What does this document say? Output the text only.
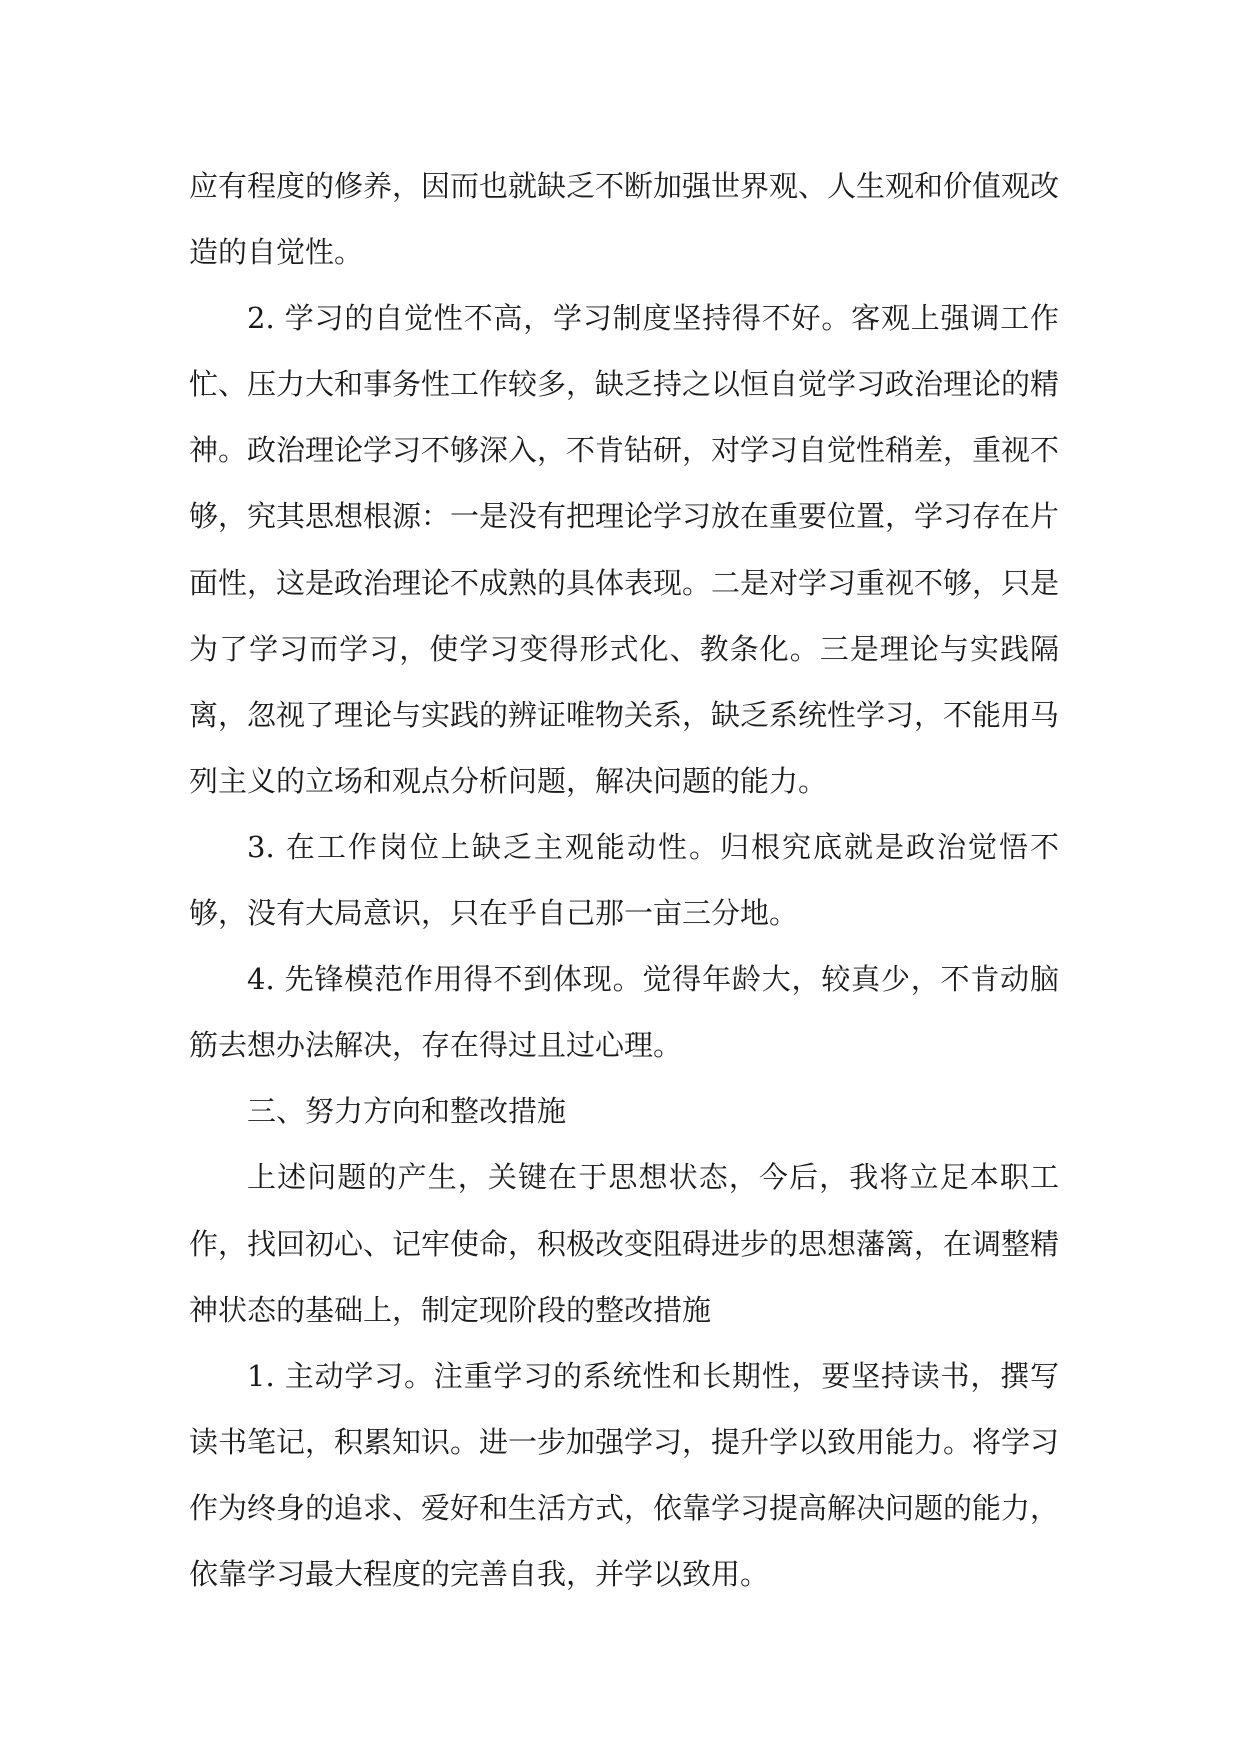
应有程度的修养，因而也就缺乏不断加强世界观、人生观和价值观改造的自觉性。

2. 学习的自觉性不高，学习制度坚持得不好。客观上强调工作忙、压力大和事务性工作较多，缺乏持之以恒自觉学习政治理论的精神。政治理论学习不够深入，不肯钻研，对学习自觉性稍差，重视不够，究其思想根源：一是没有把理论学习放在重要位置，学习存在片面性，这是政治理论不成熟的具体表现。二是对学习重视不够，只是为了学习而学习，使学习变得形式化、教条化。三是理论与实践隔离，忽视了理论与实践的辨证唯物关系，缺乏系统性学习，不能用马列主义的立场和观点分析问题，解决问题的能力。

3. 在工作岗位上缺乏主观能动性。归根究底就是政治觉悟不够，没有大局意识，只在乎自己那一亩三分地。

4. 先锋模范作用得不到体现。觉得年龄大，较真少，不肯动脑筋去想办法解决，存在得过且过心理。

三、努力方向和整改措施

上述问题的产生，关键在于思想状态，今后，我将立足本职工作，找回初心、记牢使命，积极改变阻碍进步的思想藩篱，在调整精神状态的基础上，制定现阶段的整改措施

1. 主动学习。注重学习的系统性和长期性，要坚持读书，撰写读书笔记，积累知识。进一步加强学习，提升学以致用能力。将学习作为终身的追求、爱好和生活方式，依靠学习提高解决问题的能力，依靠学习最大程度的完善自我，并学以致用。
